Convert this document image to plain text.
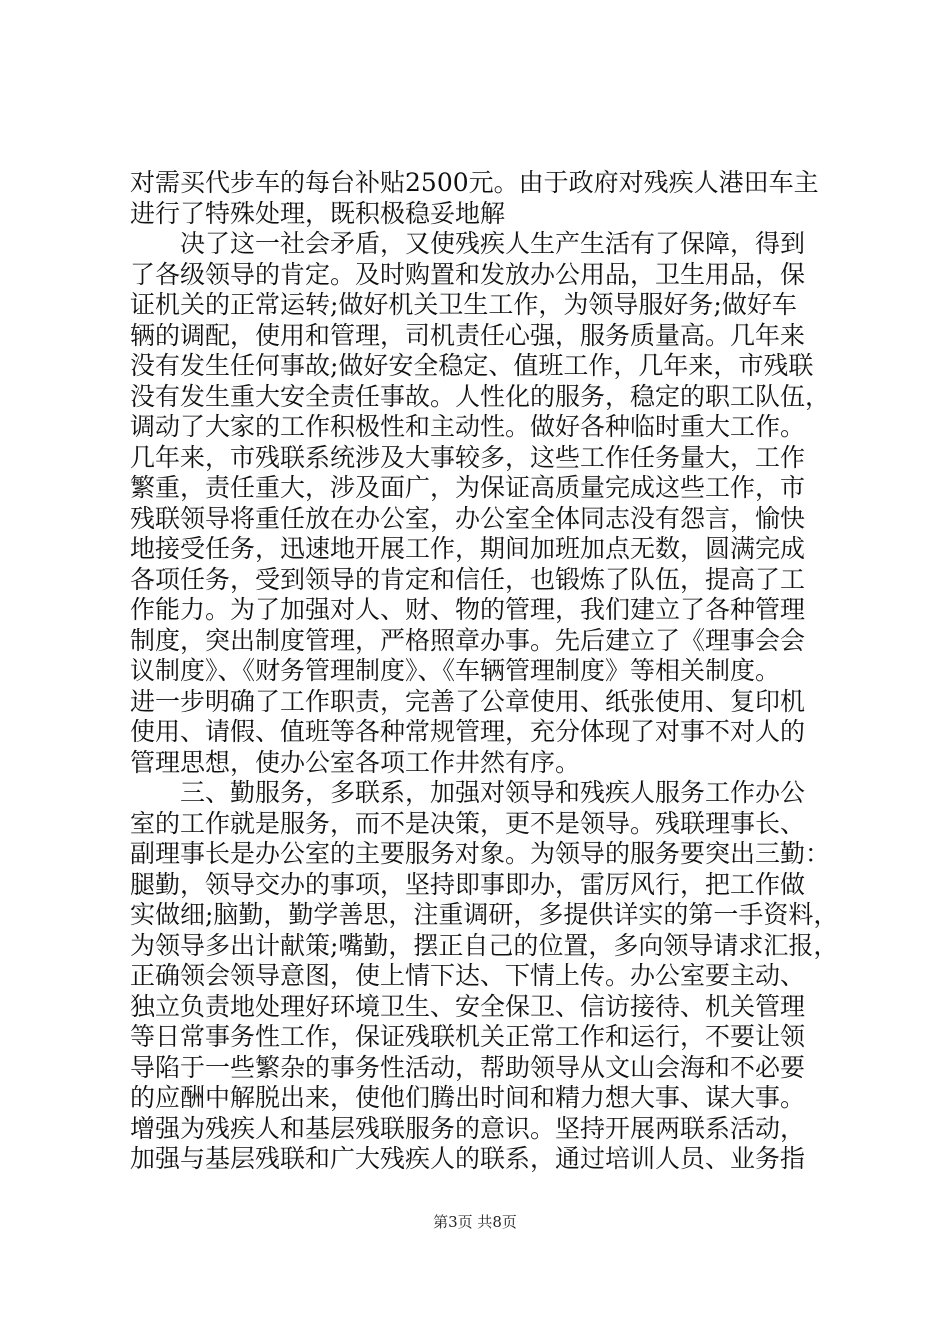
对需买代步车的每台补贴2500元。由于政府对残疾人港田车主
进行了特殊处理，既积极稳妥地解
决了这一社会矛盾，又使残疾人生产生活有了保障，得到
了各级领导的肯定。及时购置和发放办公用品，卫生用品，保
证机关的正常运转;做好机关卫生工作，为领导服好务;做好车
辆的调配，使用和管理，司机责任心强，服务质量高。几年来
没有发生任何事故;做好安全稳定、值班工作，几年来，市残联
没有发生重大安全责任事故。人性化的服务，稳定的职工队伍，
调动了大家的工作积极性和主动性。做好各种临时重大工作。
几年来，市残联系统涉及大事较多，这些工作任务量大，工作
繁重，责任重大，涉及面广，为保证高质量完成这些工作，市
残联领导将重任放在办公室，办公室全体同志没有怨言，愉快
地接受任务，迅速地开展工作，期间加班加点无数，圆满完成
各项任务，受到领导的肯定和信任，也锻炼了队伍，提高了工
作能力。为了加强对人、财、物的管理，我们建立了各种管理
制度，突出制度管理，严格照章办事。先后建立了《理事会会
议制度》、《财务管理制度》、《车辆管理制度》等相关制度。
进一步明确了工作职责，完善了公章使用、纸张使用、复印机
使用、请假、值班等各种常规管理，充分体现了对事不对人的
管理思想，使办公室各项工作井然有序。
三、勤服务，多联系，加强对领导和残疾人服务工作办公
室的工作就是服务，而不是决策，更不是领导。残联理事长、
副理事长是办公室的主要服务对象。为领导的服务要突出三勤：
腿勤，领导交办的事项，坚持即事即办，雷厉风行，把工作做
实做细;脑勤，勤学善思，注重调研，多提供详实的第一手资料，
为领导多出计献策;嘴勤，摆正自己的位置，多向领导请求汇报，
正确领会领导意图，使上情下达、下情上传。办公室要主动、
独立负责地处理好环境卫生、安全保卫、信访接待、机关管理
等日常事务性工作，保证残联机关正常工作和运行，不要让领
导陷于一些繁杂的事务性活动，帮助领导从文山会海和不必要
的应酬中解脱出来，使他们腾出时间和精力想大事、谋大事。
增强为残疾人和基层残联服务的意识。坚持开展两联系活动，
加强与基层残联和广大残疾人的联系，通过培训人员、业务指
第3页 共8页
